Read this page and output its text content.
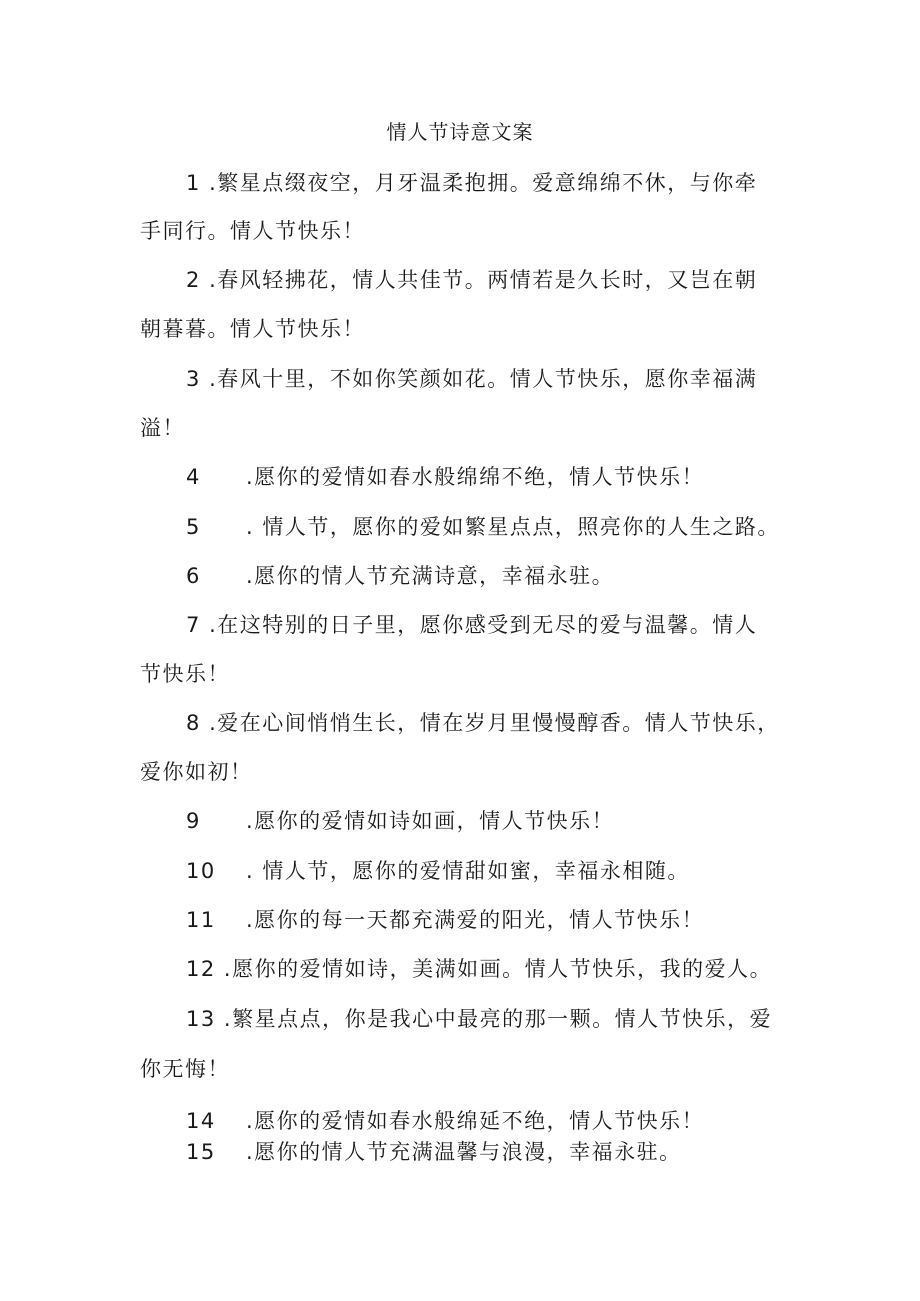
情人节诗意文案
1 .繁星点缀夜空，月牙温柔抱拥。爱意绵绵不休，与你牵
手同行。情人节快乐！
2 .春风轻拂花，情人共佳节。两情若是久长时，又岂在朝
朝暮暮。情人节快乐！
3 .春风十里，不如你笑颜如花。情人节快乐，愿你幸福满
溢！
4 .愿你的爱情如春水般绵绵不绝，情人节快乐！
5 . 情人节，愿你的爱如繁星点点，照亮你的人生之路。
6 .愿你的情人节充满诗意，幸福永驻。
7 .在这特别的日子里，愿你感受到无尽的爱与温馨。情人
节快乐！
8 .爱在心间悄悄生长，情在岁月里慢慢醇香。情人节快乐，
爱你如初！
9 .愿你的爱情如诗如画，情人节快乐！
10 . 情人节，愿你的爱情甜如蜜，幸福永相随。
11 .愿你的每一天都充满爱的阳光，情人节快乐！
12 .愿你的爱情如诗，美满如画。情人节快乐，我的爱人。
13 .繁星点点，你是我心中最亮的那一颗。情人节快乐，爱
你无悔！
14 .愿你的爱情如春水般绵延不绝，情人节快乐！
15 .愿你的情人节充满温馨与浪漫，幸福永驻。
